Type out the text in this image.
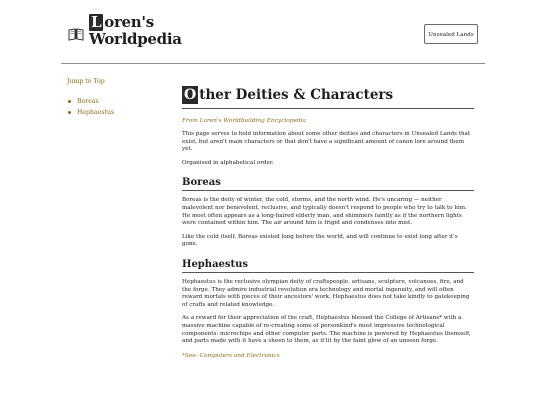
L oren's
Worldpedia	Unsealed Lands
Jump to Top
Boreas
Hephaestus
O ther Deities & Characters
From Loren's Worldbuilding Encyclopedia

This page serves to hold information about some other deities and characters in Unsealed Lands that exist, but aren't main characters or that don't have a significant amount of canon lore around them yet.

Organised in alphabetical order.

Boreas

Boreas is the deity of winter, the cold, storms, and the north wind. He's uncaring — neither malevolent nor benevolent, reclusive, and typically doesn't respond to people who try to talk to him. He most often appears as a long-haired elderly man, and shimmers faintly as if the northern lights were contained within him. The air around him is frigid and condenses into mist.

Like the cold itself, Boreas existed long before the world, and will continue to exist long after it's gone.

Hephaestus

Hephaestus is the reclusive olympian deity of craftspeople, artisans, sculpture, volcanoes, fire, and the forge. They admire industrial revolution era technology and mortal ingenuity, and will often reward mortals with pieces of their ancestors' work. Hephaestus does not take kindly to gatekeeping of crafts and related knowledge.

As a reward for their appreciation of the craft, Hephaestus blessed the College of Artisans* with a massive machine capable of re-creating some of personkind's most impressive technological components: microchips and other computer parts. The machine is powered by Hephaestus themself, and parts made with it have a sheen to them, as if lit by the faint glow of an unseen forge.

*See: Computers and Electronics
